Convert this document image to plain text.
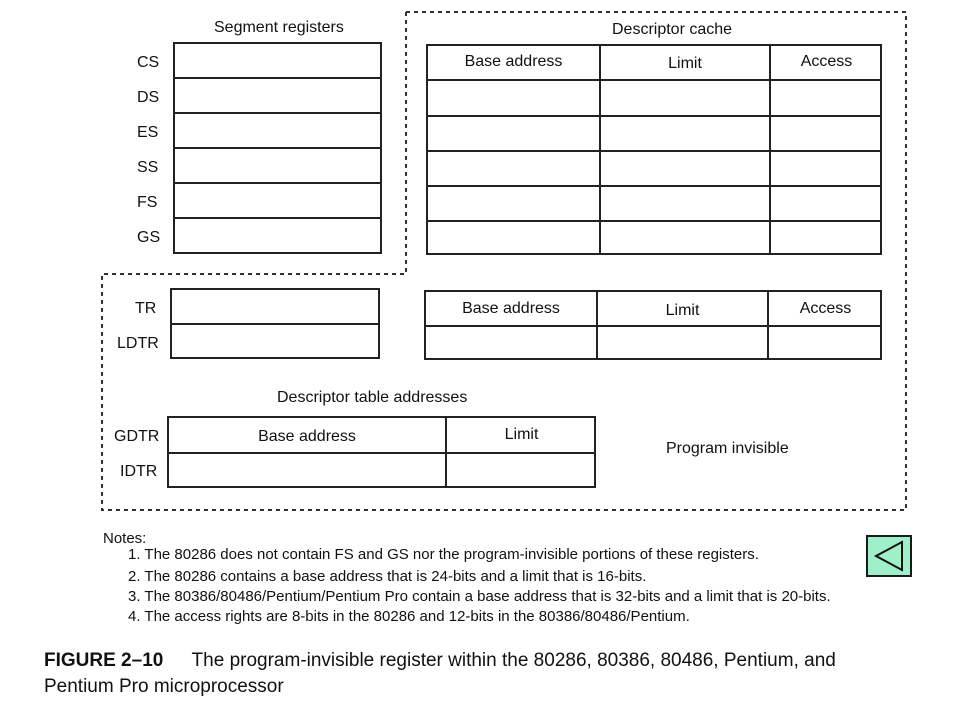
Segment registers
CS
DS
ES
SS
FS
GS
Descriptor cache
Base address	Limit	Access
TR
LDTR
Base address	Limit	Access
Descriptor table addresses
Base address	Limit
GDTR
IDTR
Program invisible
Notes:
1. The 80286 does not contain FS and GS nor the program-invisible portions of these registers.
2. The 80286 contains a base address that is 24-bits and a limit that is 16-bits.
3. The 80386/80486/Pentium/Pentium Pro contain a base address that is 32-bits and a limit that is 20-bits.
4. The access rights are 8-bits in the 80286 and 12-bits in the 80386/80486/Pentium.
FIGURE 2–10 The program-invisible register within the 80286, 80386, 80486, Pentium, and
Pentium Pro microprocessor
